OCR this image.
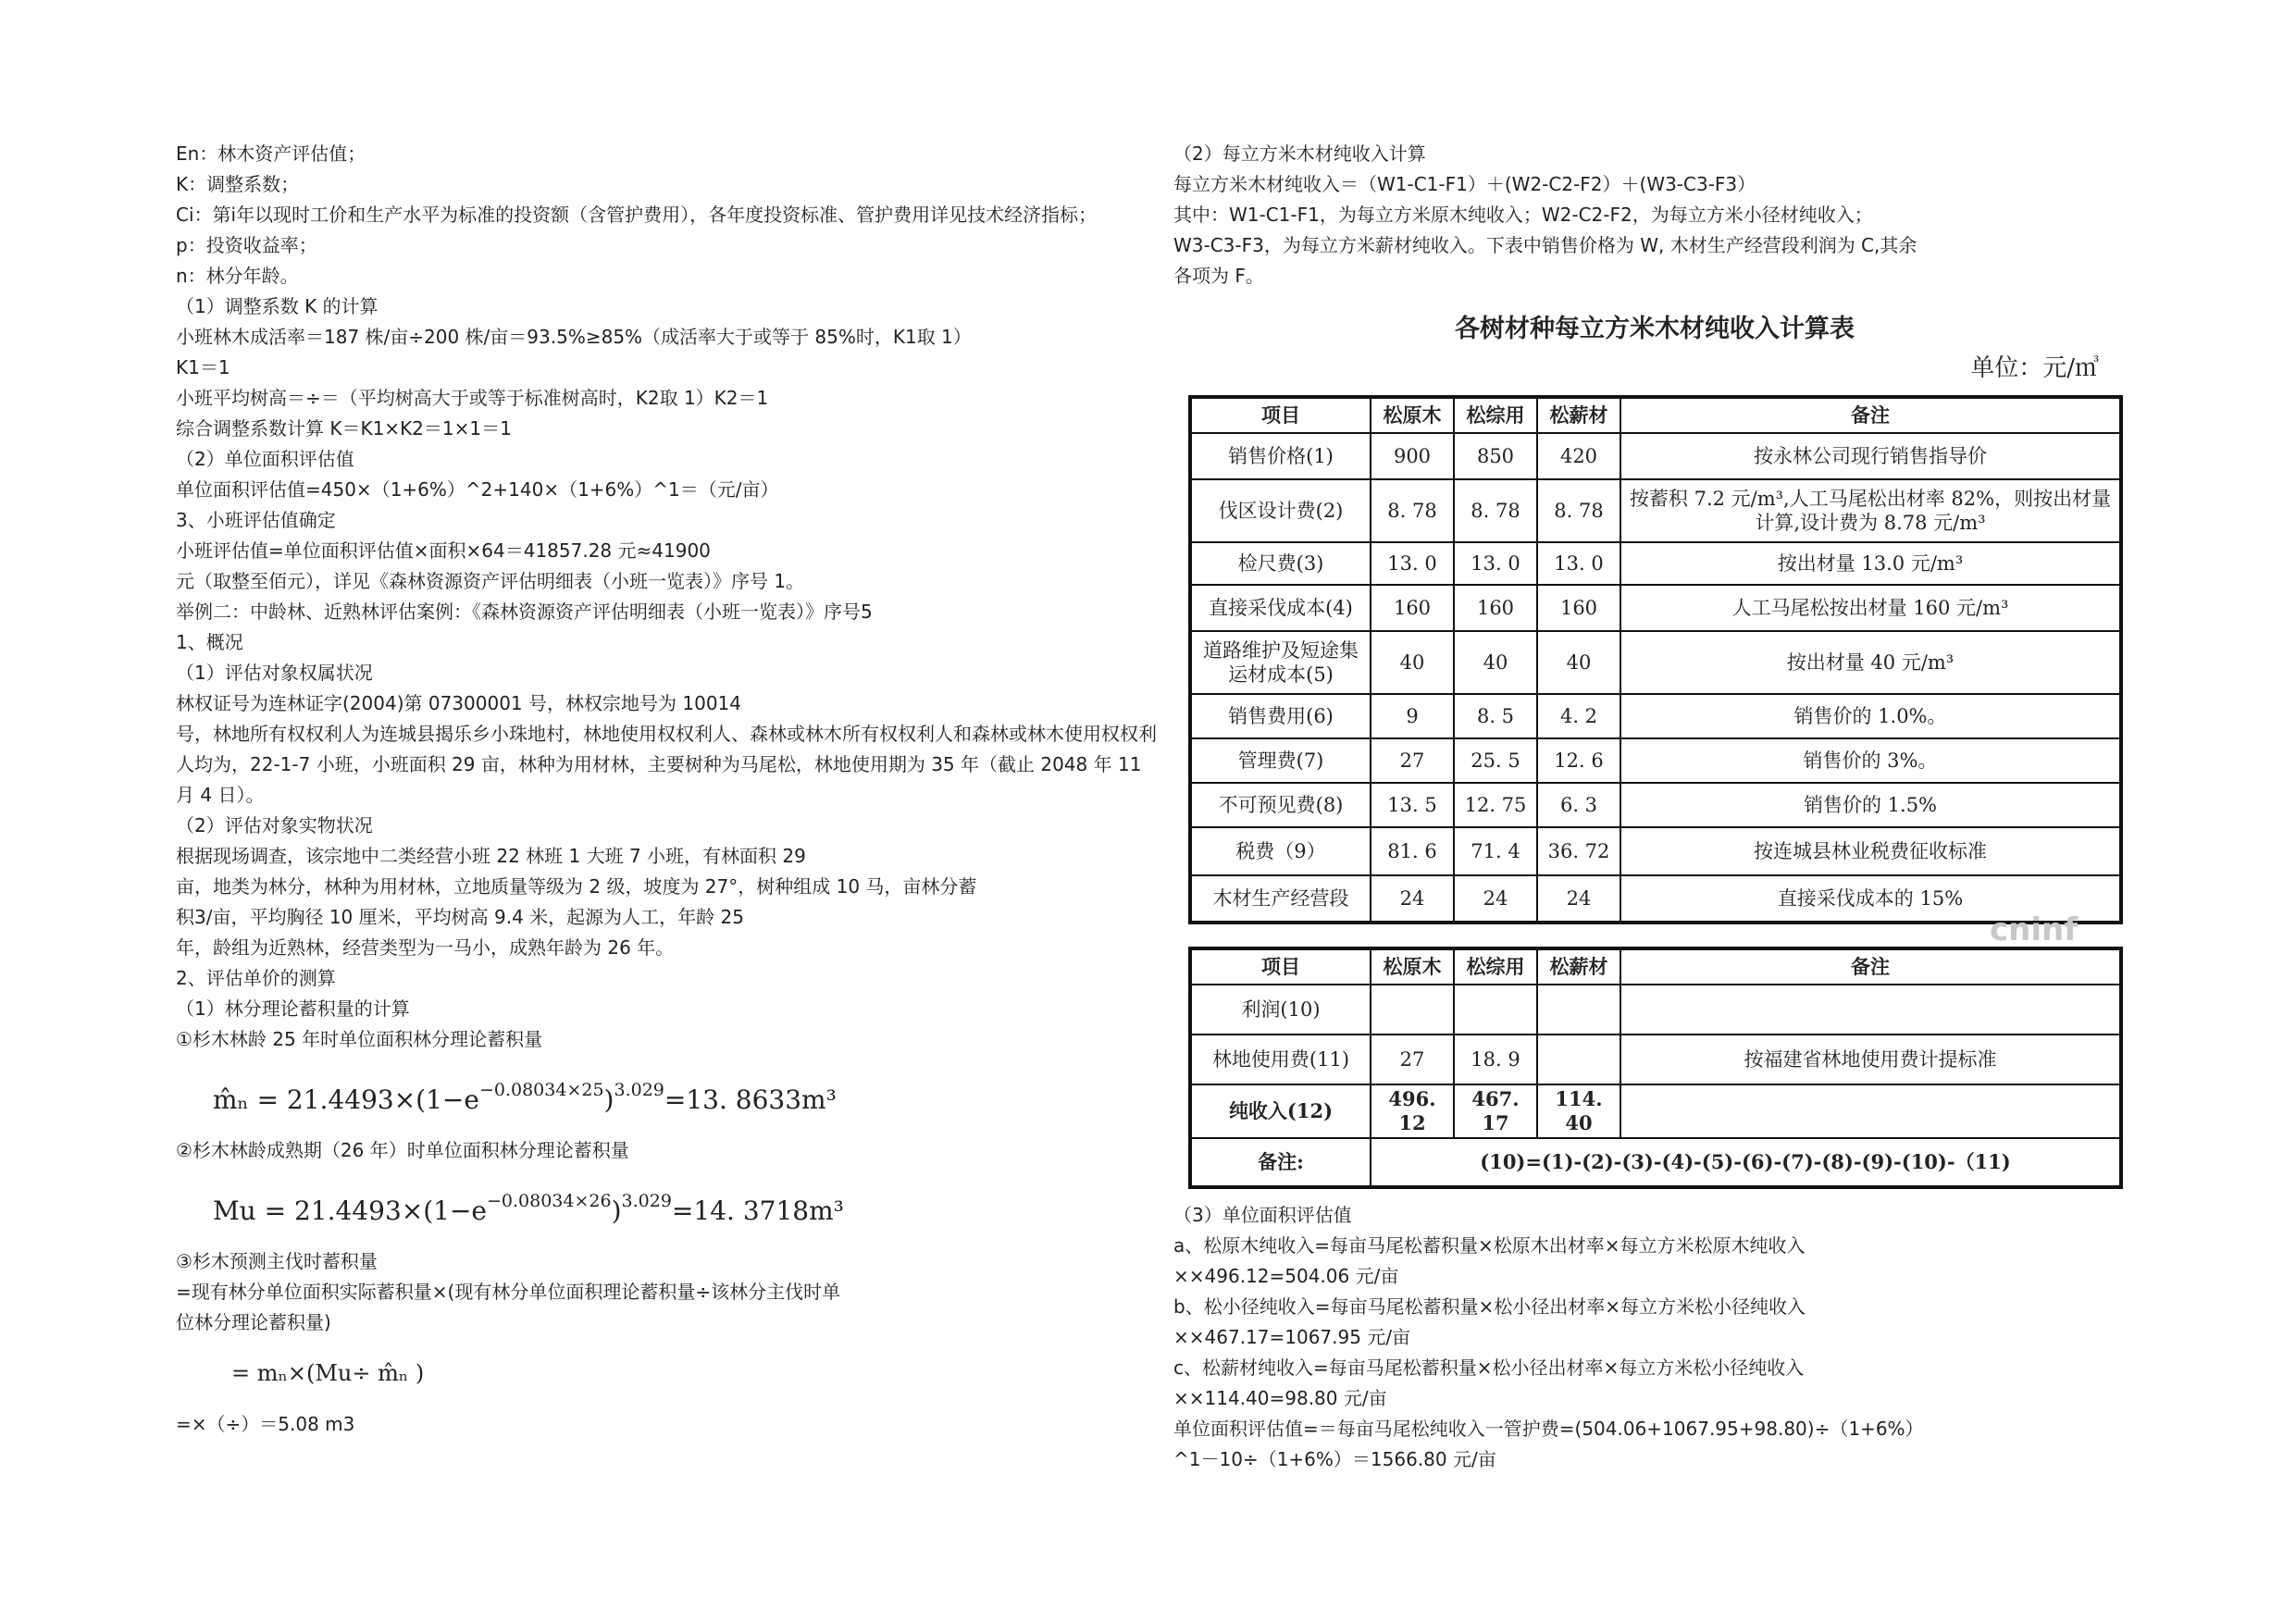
En：林木资产评估值；

K：调整系数；

Ci：第i年以现时工价和生产水平为标准的投资额（含管护费用），各年度投资标准、管护费用详见技术经济指标；

p：投资收益率；

n：林分年龄。

（1）调整系数 K 的计算

小班林木成活率＝187 株/亩÷200 株/亩＝93.5%≥85%（成活率大于或等于 85%时，K1取 1）

K1＝1

小班平均树高＝÷＝（平均树高大于或等于标准树高时，K2取 1）K2＝1

综合调整系数计算 K＝K1×K2＝1×1＝1

（2）单位面积评估值

单位面积评估值=450×（1+6%）^2+140×（1+6%）^1＝（元/亩）

3、小班评估值确定

小班评估值=单位面积评估值×面积×64＝41857.28 元≈41900

元（取整至佰元），详见《森林资源资产评估明细表（小班一览表）》序号 1。

举例二：中龄林、近熟林评估案例：《森林资源资产评估明细表（小班一览表）》序号5

1、概况

（1）评估对象权属状况

林权证号为连林证字(2004)第 07300001 号，林权宗地号为 10014

号，林地所有权权利人为连城县揭乐乡小珠地村，林地使用权权利人、森林或林木所有权权利人和森林或林木使用权权利人均为，22-1-7 小班，小班面积 29 亩，林种为用材林，主要树种为马尾松，林地使用期为 35 年（截止 2048 年 11月 4 日）。

（2）评估对象实物状况

根据现场调查，该宗地中二类经营小班 22 林班 1 大班 7 小班，有林面积 29

亩，地类为林分，林种为用材林，立地质量等级为 2 级，坡度为 27°，树种组成 10 马，亩林分蓄

积3/亩，平均胸径 10 厘米，平均树高 9.4 米，起源为人工，年龄 25

年，龄组为近熟林，经营类型为一马小，成熟年龄为 26 年。

2、评估单价的测算

（1）林分理论蓄积量的计算

①杉木林龄 25 年时单位面积林分理论蓄积量

m̂ₙ = $21.4493\times(1-e^{-0.08034\times 25})^{3.029}=13$. 8633m³

②杉木林龄成熟期（26 年）时单位面积林分理论蓄积量

$Mu = 21.4493\times(1-e^{-0.08034\times 26})^{3.029}=14$. 3718m³

③杉木预测主伐时蓄积量

=现有林分单位面积实际蓄积量×(现有林分单位面积理论蓄积量÷该林分主伐时单

位林分理论蓄积量)

= mₙ×(Mu÷ m̂ₙ )

=×（÷）＝5.08 m3

（2）每立方米木材纯收入计算

每立方米木材纯收入＝（W1-C1-F1）＋(W2-C2-F2）＋(W3-C3-F3）

其中：W1-C1-F1，为每立方米原木纯收入；W2-C2-F2，为每立方米小径材纯收入；

W3-C3-F3，为每立方米薪材纯收入。下表中销售价格为 W, 木材生产经营段利润为 C,其余

各项为 F。

各树材种每立方米木材纯收入计算表
单位：元/㎥
项目	松原木	松综用	松薪材	备注
销售价格(1)	900	850	420	按永林公司现行销售指导价
伐区设计费(2)	8. 78	8. 78	8. 78	按蓄积 7.2 元/m³,人工马尾松出材率 82%，则按出材量计算,设计费为 8.78 元/m³
检尺费(3)	13. 0	13. 0	13. 0	按出材量 13.0 元/m³
直接采伐成本(4)	160	160	160	人工马尾松按出材量 160 元/m³
道路维护及短途集运材成本(5)	40	40	40	按出材量 40 元/m³
销售费用(6)	9	8. 5	4. 2	销售价的 1.0%。
管理费(7)	27	25. 5	12. 6	销售价的 3%。
不可预见费(8)	13. 5	12. 75	6. 3	销售价的 1.5%
税费（9）	81. 6	71. 4	36. 72	按连城县林业税费征收标准
木材生产经营段	24	24	24	直接采伐成本的 15%
项目	松原木	松综用	松薪材	备注
利润(10)				
林地使用费(11)	27	18. 9		按福建省林地使用费计提标准
纯收入(12)	496. 12	467. 17	114. 40	
备注:	(10)=(1)-(2)-(3)-(4)-(5)-(6)-(7)-(8)-(9)-(10)-（11)			

（3）单位面积评估值

a、松原木纯收入=每亩马尾松蓄积量×松原木出材率×每立方米松原木纯收入

××496.12=504.06 元/亩

b、松小径纯收入=每亩马尾松蓄积量×松小径出材率×每立方米松小径纯收入

××467.17=1067.95 元/亩

c、松薪材纯收入=每亩马尾松蓄积量×松小径出材率×每立方米松小径纯收入

××114.40=98.80 元/亩

单位面积评估值=＝每亩马尾松纯收入一管护费=(504.06+1067.95+98.80)÷（1+6%）

^1－10÷（1+6%）＝1566.80 元/亩

cninf
